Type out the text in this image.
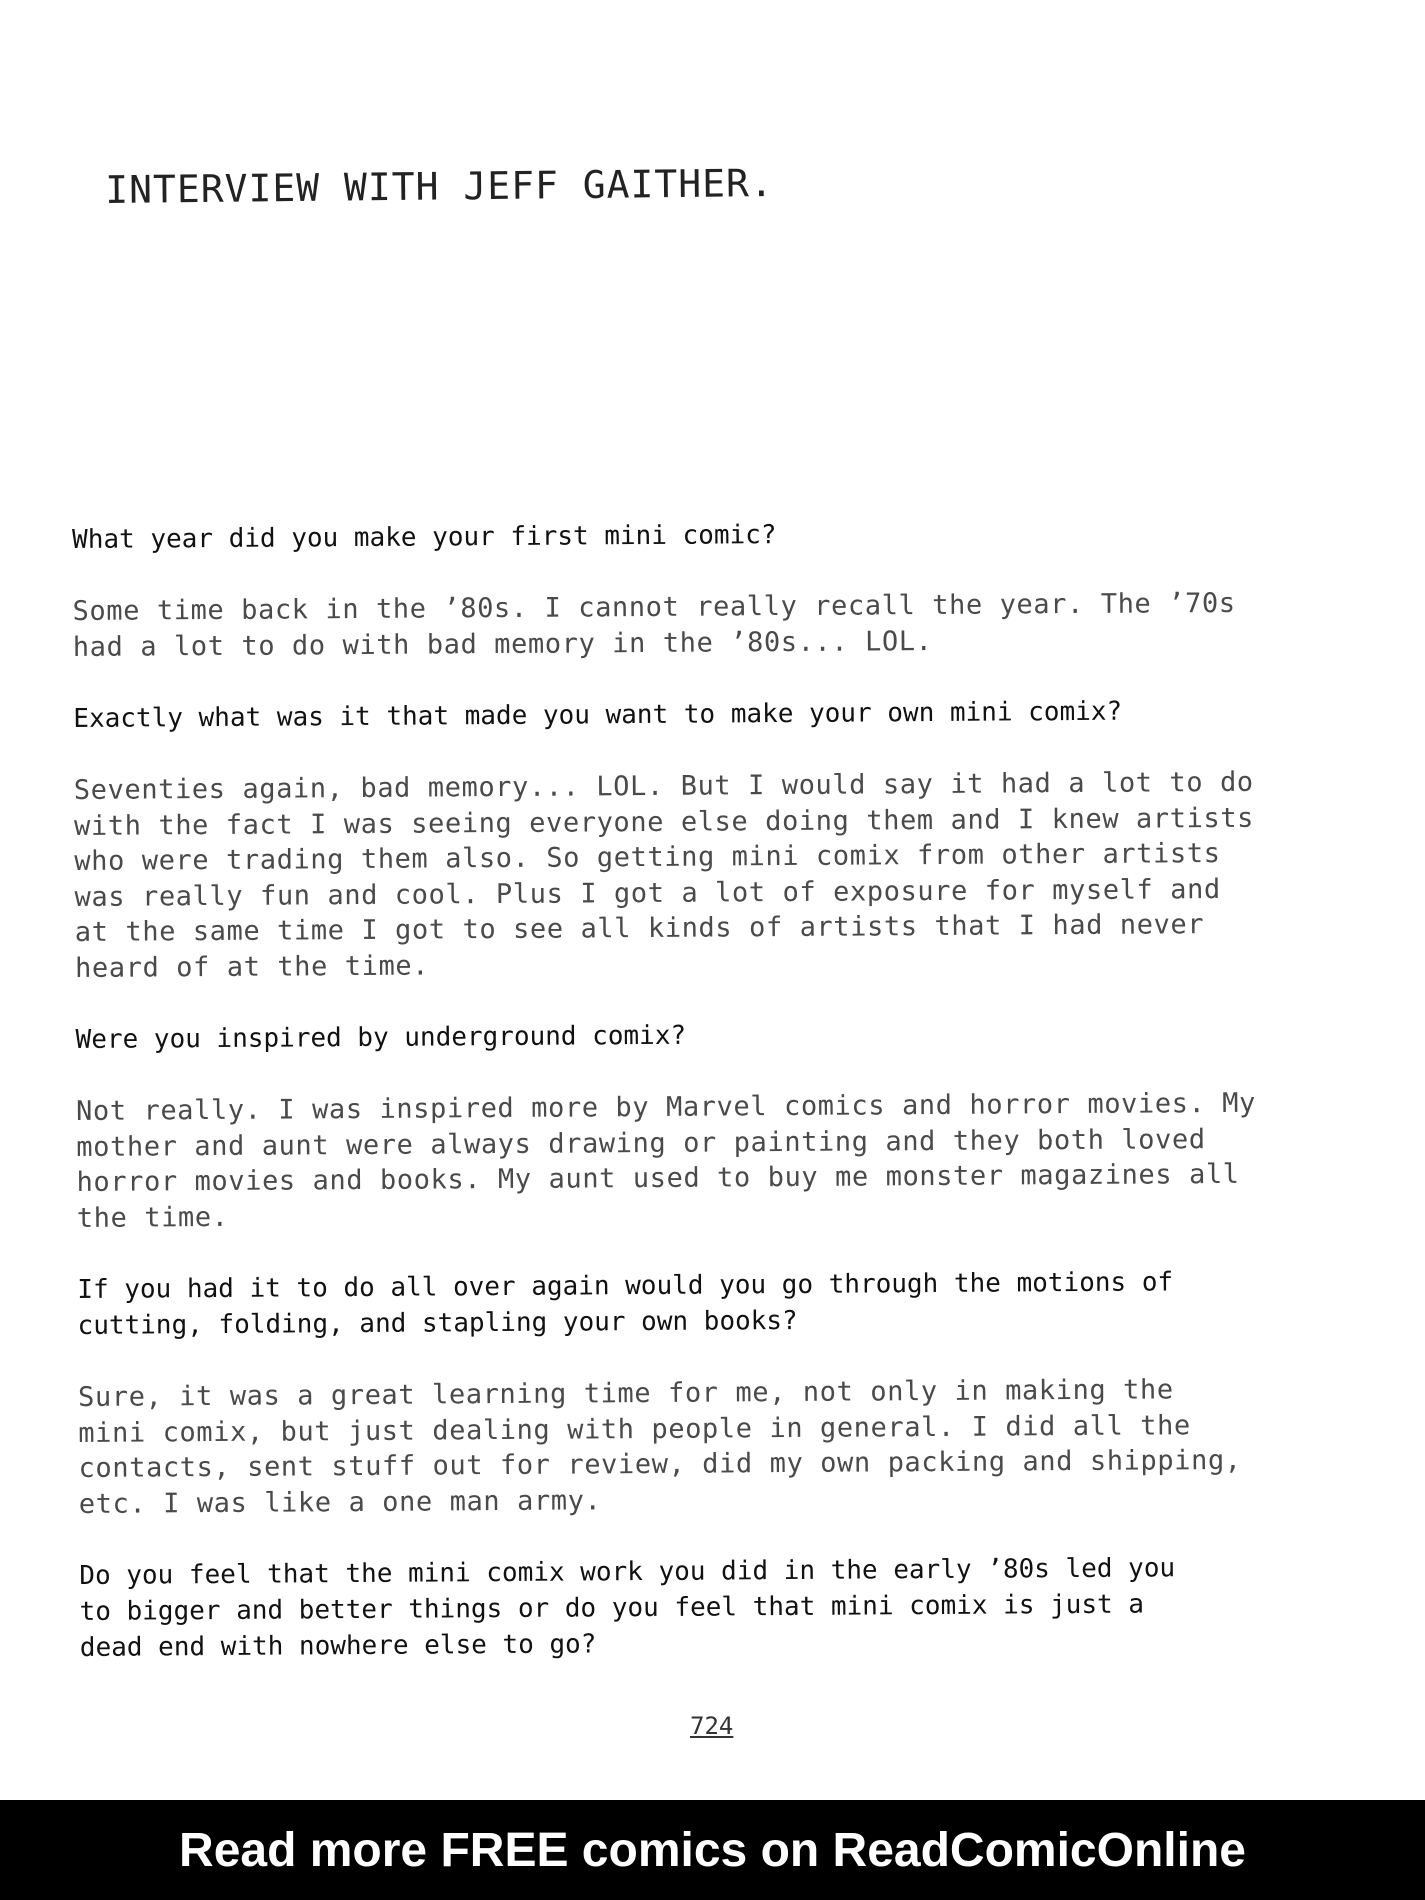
INTERVIEW WITH JEFF GAITHER.
What year did you make your first mini comic?
Some time back in the ’80s. I cannot really recall the year. The ’70s
had a lot to do with bad memory in the ’80s... LOL.
Exactly what was it that made you want to make your own mini comix?
Seventies again, bad memory... LOL. But I would say it had a lot to do
with the fact I was seeing everyone else doing them and I knew artists
who were trading them also. So getting mini comix from other artists
was really fun and cool. Plus I got a lot of exposure for myself and
at the same time I got to see all kinds of artists that I had never
heard of at the time.
Were you inspired by underground comix?
Not really. I was inspired more by Marvel comics and horror movies. My
mother and aunt were always drawing or painting and they both loved
horror movies and books. My aunt used to buy me monster magazines all
the time.
If you had it to do all over again would you go through the motions of
cutting, folding, and stapling your own books?
Sure, it was a great learning time for me, not only in making the
mini comix, but just dealing with people in general. I did all the
contacts, sent stuff out for review, did my own packing and shipping,
etc. I was like a one man army.
Do you feel that the mini comix work you did in the early ’80s led you
to bigger and better things or do you feel that mini comix is just a
dead end with nowhere else to go?
724
Read more FREE comics on ReadComicOnline
